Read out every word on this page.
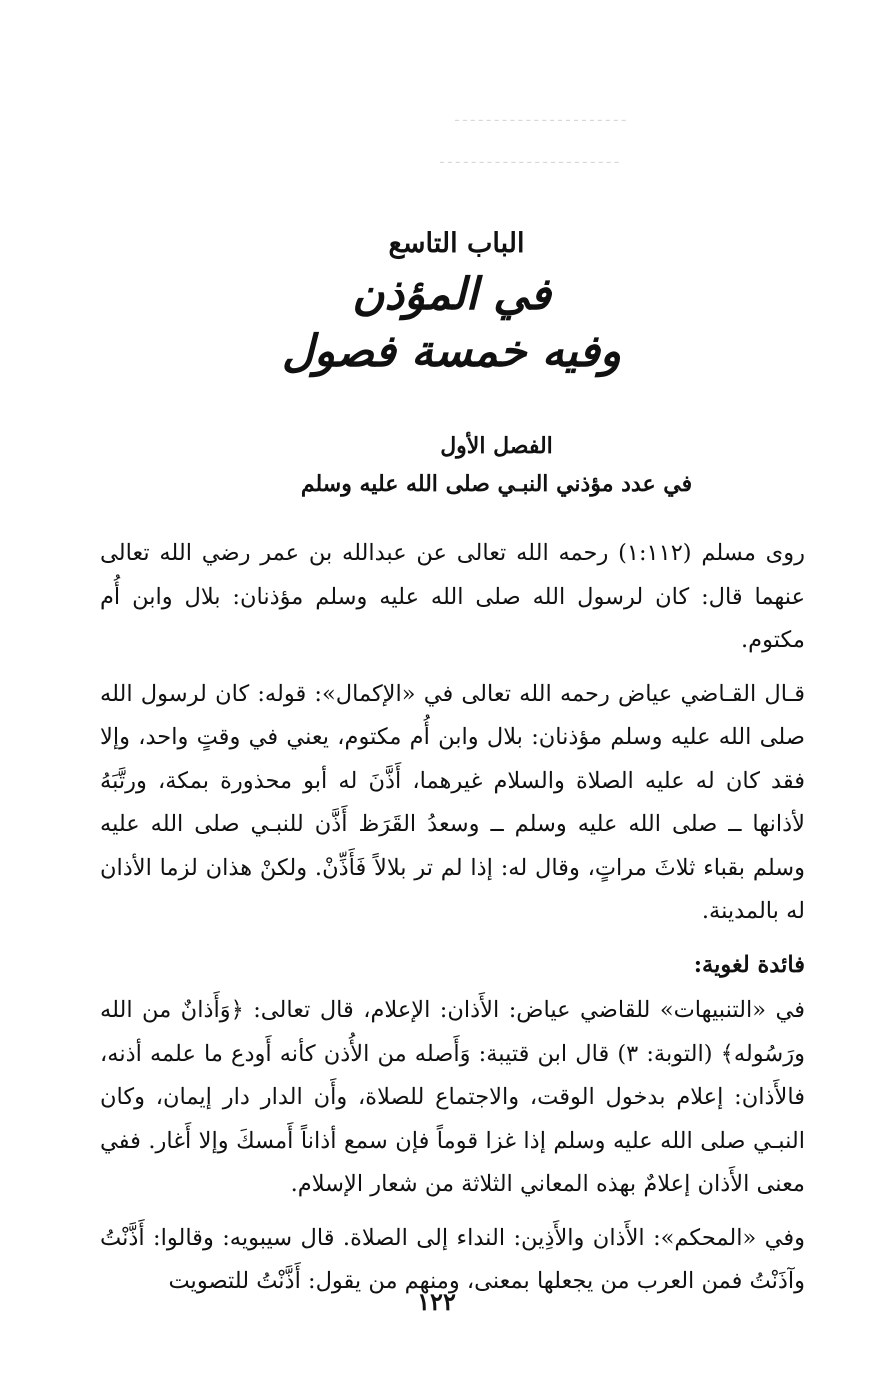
ـ ـ ـ ـ ـ ـ ـ ـ ـ ـ ـ ـ ـ ـ ـ ـ ـ ـ ـ ـ ـ ـ
ـ ـ ـ ـ ـ ـ ـ ـ ـ ـ ـ ـ ـ ـ ـ ـ ـ ـ ـ ـ ـ ـ ـ
الباب التاسع
في المؤذن
وفيه خمسة فصول
الفصل الأول
في عدد مؤذني النبـي صلى الله عليه وسلم

روى مسلم (١:١١٢) رحمه الله تعالى عن عبدالله بن عمر رضي الله تعالى عنهما قال: كان لرسول الله صلى الله عليه وسلم مؤذنان: بلال وابن أُم مكتوم.

قـال القـاضي عياض رحمه الله تعالى في «الإكمال»: قوله: كان لرسول الله صلى الله عليه وسلم مؤذنان: بلال وابن أُم مكتوم، يعني في وقتٍ واحد، وإلا فقد كان له عليه الصلاة والسلام غيرهما، أَذَّنَ له أبو محذورة بمكة، ورتَّبَهُ لأذانها ــ صلى الله عليه وسلم ــ وسعدُ القَرَظ أَذَّن للنبـي صلى الله عليه وسلم بقباء ثلاثَ مراتٍ، وقال له: إذا لم تر بلالاً فَأَذِّنْ. ولكنْ هذان لزما الأذان له بالمدينة.

فائدة لغوية:

في «التنبيهات» للقاضي عياض: الأَذان: الإعلام، قال تعالى: ﴿وَأَذانٌ من الله ورَسُوله﴾ (التوبة: ٣) قال ابن قتيبة: وَأَصله من الأُذن كأنه أَودع ما علمه أذنه، فالأَذان: إعلام بدخول الوقت، والاجتماع للصلاة، وأَن الدار دار إيمان، وكان النبـي صلى الله عليه وسلم إذا غزا قوماً فإن سمع أذاناً أَمسكَ وإلا أَغار. ففي معنى الأَذان إعلامٌ بهذه المعاني الثلاثة من شعار الإسلام.

وفي «المحكم»: الأَذان والأَذِين: النداء إلى الصلاة. قال سيبويه: وقالوا: أَذَّنْتُ وآذَنْتُ فمن العرب من يجعلها بمعنى، ومنهم من يقول: أَذَّنْتُ للتصويت

١٢٢
